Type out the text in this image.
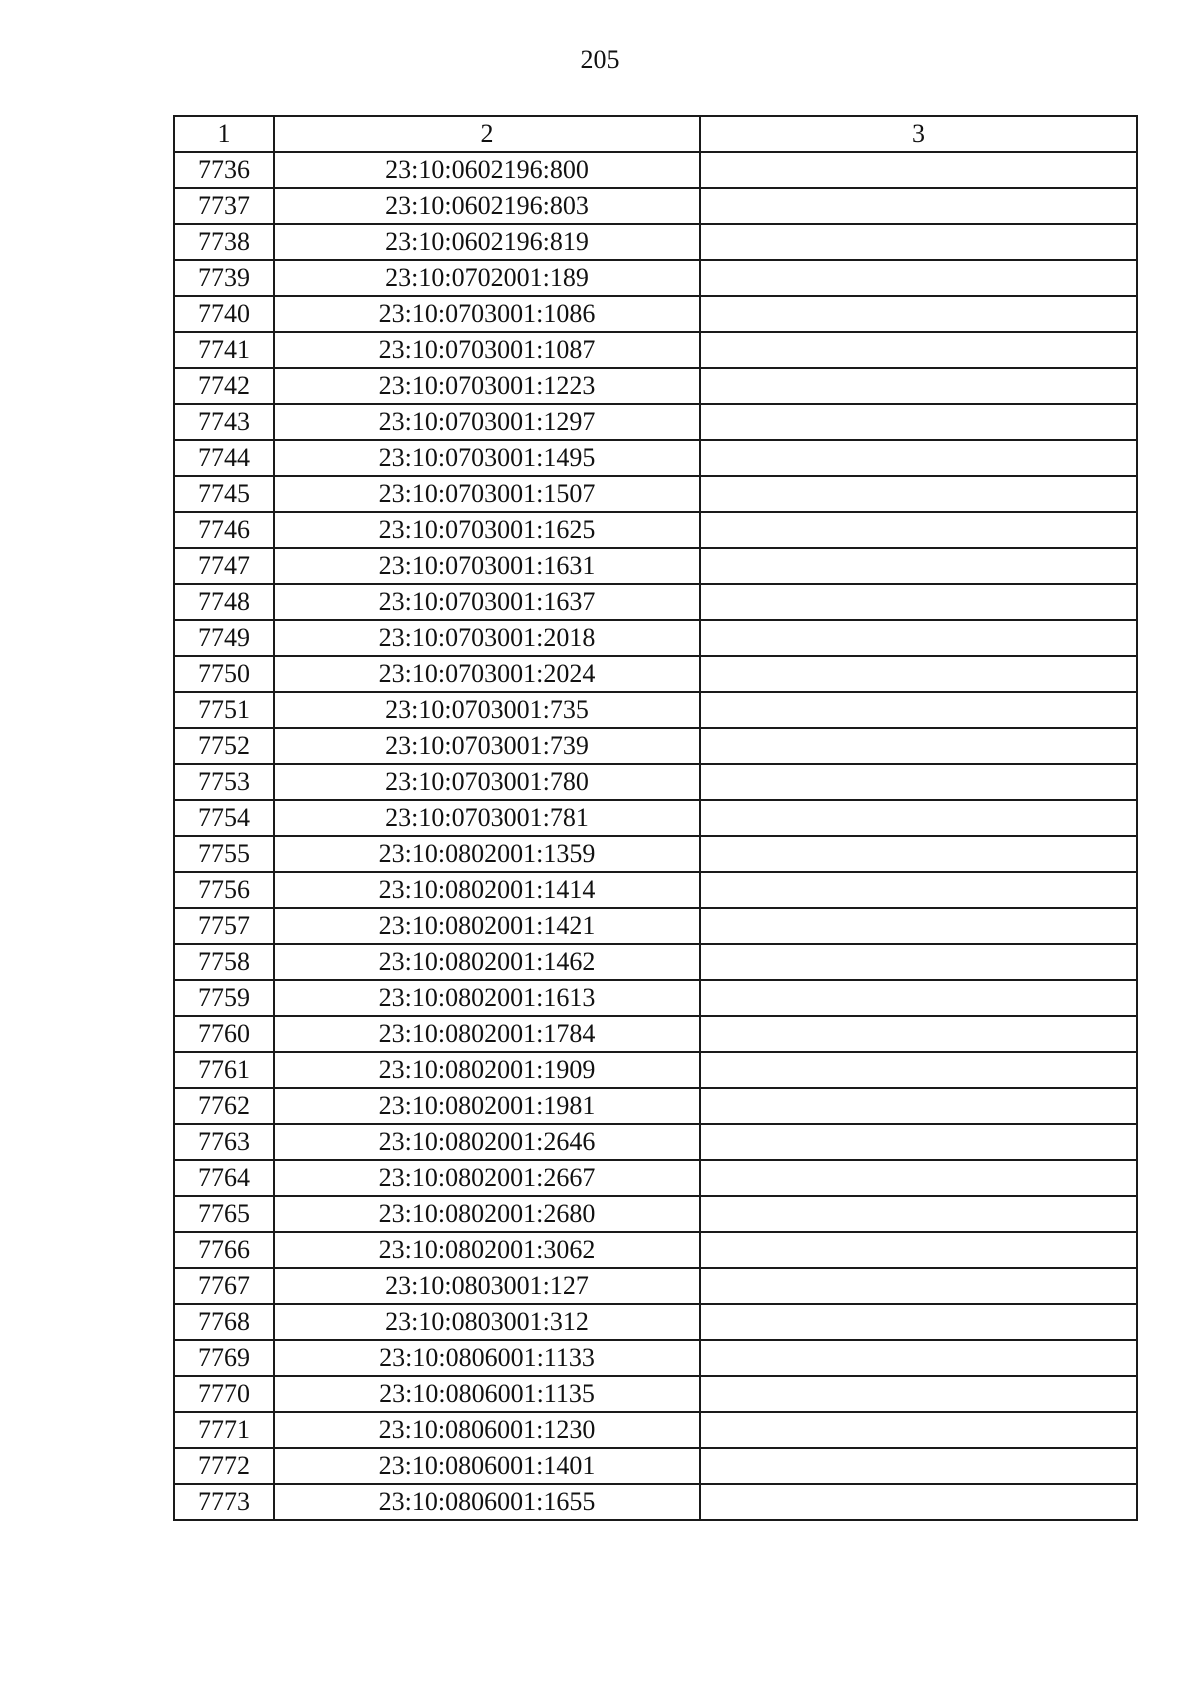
205
1	2	3
7736	23:10:0602196:800	
7737	23:10:0602196:803	
7738	23:10:0602196:819	
7739	23:10:0702001:189	
7740	23:10:0703001:1086	
7741	23:10:0703001:1087	
7742	23:10:0703001:1223	
7743	23:10:0703001:1297	
7744	23:10:0703001:1495	
7745	23:10:0703001:1507	
7746	23:10:0703001:1625	
7747	23:10:0703001:1631	
7748	23:10:0703001:1637	
7749	23:10:0703001:2018	
7750	23:10:0703001:2024	
7751	23:10:0703001:735	
7752	23:10:0703001:739	
7753	23:10:0703001:780	
7754	23:10:0703001:781	
7755	23:10:0802001:1359	
7756	23:10:0802001:1414	
7757	23:10:0802001:1421	
7758	23:10:0802001:1462	
7759	23:10:0802001:1613	
7760	23:10:0802001:1784	
7761	23:10:0802001:1909	
7762	23:10:0802001:1981	
7763	23:10:0802001:2646	
7764	23:10:0802001:2667	
7765	23:10:0802001:2680	
7766	23:10:0802001:3062	
7767	23:10:0803001:127	
7768	23:10:0803001:312	
7769	23:10:0806001:1133	
7770	23:10:0806001:1135	
7771	23:10:0806001:1230	
7772	23:10:0806001:1401	
7773	23:10:0806001:1655	
